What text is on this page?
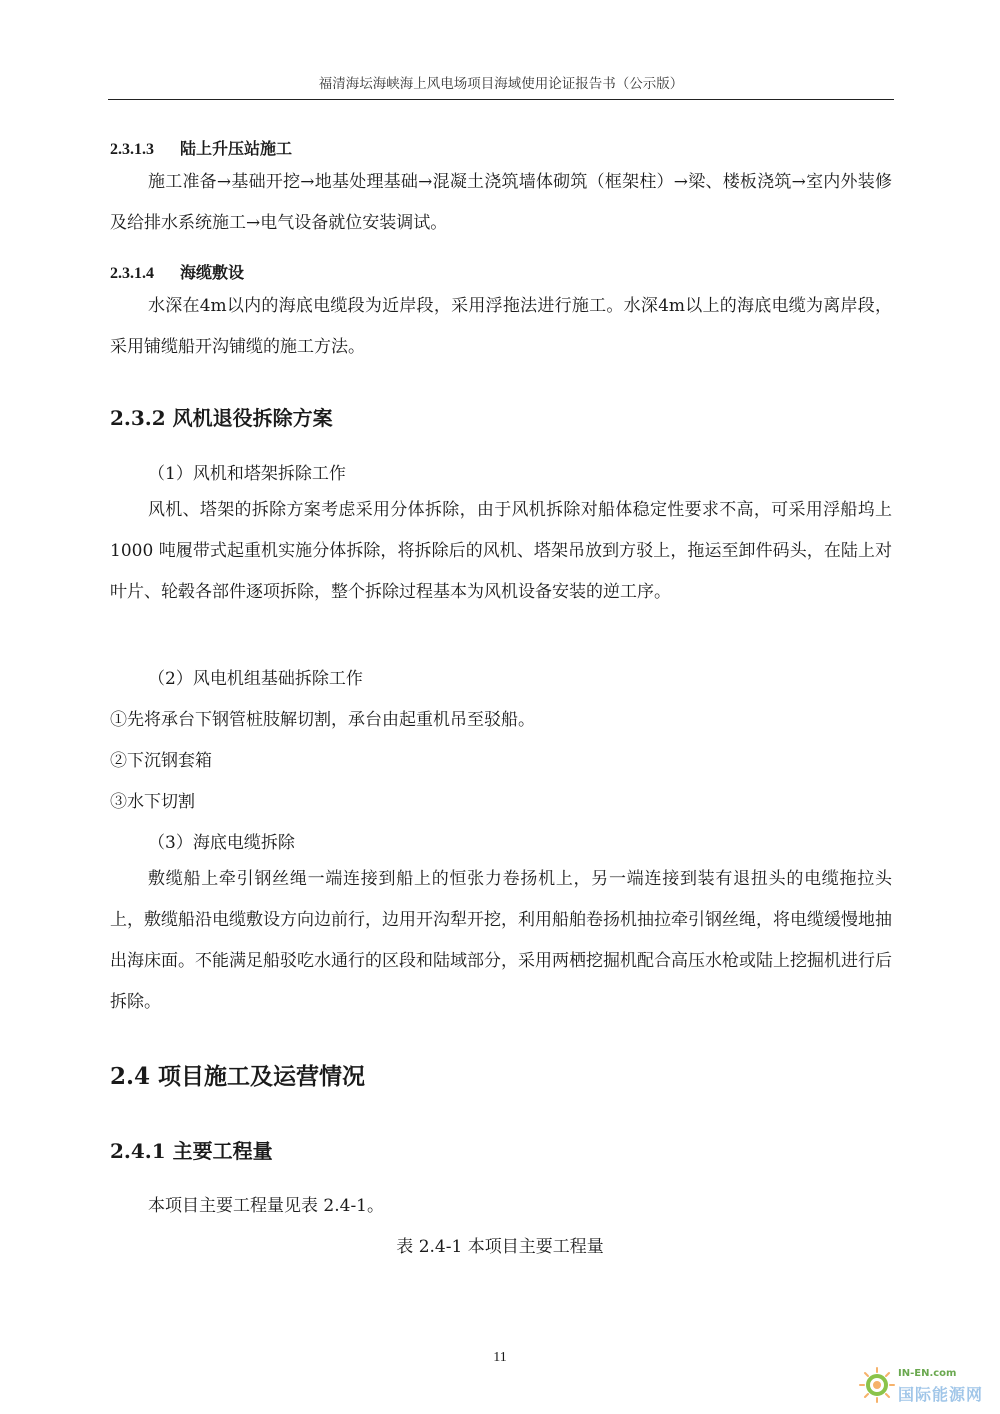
福清海坛海峡海上风电场项目海域使用论证报告书（公示版）
2.3.1.3 陆上升压站施工
施工准备→基础开挖→地基处理基础→混凝土浇筑墙体砌筑（框架柱）→梁、楼板浇筑→室内外装修及给排水系统施工→电气设备就位安装调试。
2.3.1.4 海缆敷设
水深在4m以内的海底电缆段为近岸段，采用浮拖法进行施工。水深4m以上的海底电缆为离岸段，采用铺缆船开沟铺缆的施工方法。
2.3.2 风机退役拆除方案
（1）风机和塔架拆除工作
风机、塔架的拆除方案考虑采用分体拆除，由于风机拆除对船体稳定性要求不高，可采用浮船坞上 1000 吨履带式起重机实施分体拆除，将拆除后的风机、塔架吊放到方驳上，拖运至卸件码头，在陆上对叶片、轮毂各部件逐项拆除，整个拆除过程基本为风机设备安装的逆工序。
（2）风电机组基础拆除工作
①先将承台下钢管桩肢解切割，承台由起重机吊至驳船。
②下沉钢套箱
③水下切割
（3）海底电缆拆除
敷缆船上牵引钢丝绳一端连接到船上的恒张力卷扬机上，另一端连接到装有退扭头的电缆拖拉头上，敷缆船沿电缆敷设方向边前行，边用开沟犁开挖，利用船舶卷扬机抽拉牵引钢丝绳，将电缆缓慢地抽出海床面。不能满足船驳吃水通行的区段和陆域部分，采用两栖挖掘机配合高压水枪或陆上挖掘机进行后拆除。
2.4 项目施工及运营情况
2.4.1 主要工程量
本项目主要工程量见表 2.4-1。
表 2.4-1 本项目主要工程量
11
IN-EN.com
国际能源网
